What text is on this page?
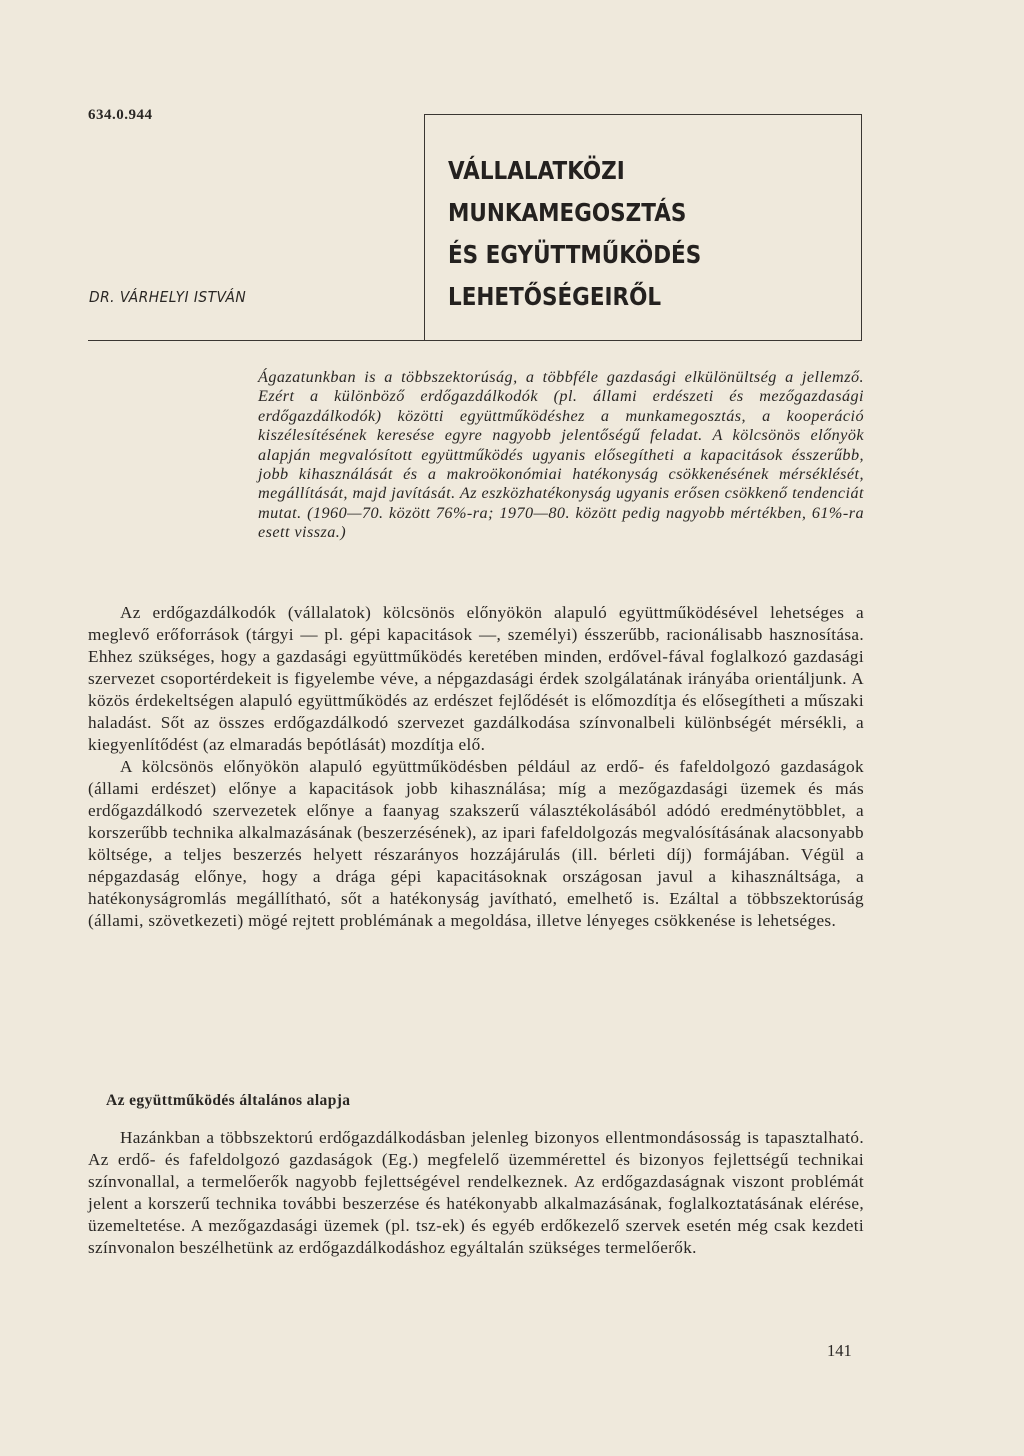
634.0.944
VÁLLALATKÖZI
MUNKAMEGOSZTÁS
ÉS EGYÜTTMŰKÖDÉS
LEHETŐSÉGEIRŐL
DR. VÁRHELYI ISTVÁN
Ágazatunkban is a többszektorúság, a többféle gazdasági elkülönültség a jellemző. Ezért a különböző erdőgazdálkodók (pl. állami erdészeti és mezőgazdasági erdőgazdálkodók) közötti együttműködéshez a munkamegosztás, a kooperáció kiszélesítésének keresése egyre nagyobb jelentőségű feladat. A kölcsönös előnyök alapján megvalósított együttműködés ugyanis elősegítheti a kapacitások ésszerűbb, jobb kihasználását és a makroökonómiai hatékonyság csökkenésének mérséklését, megállítását, majd javítását. Az eszközhatékonyság ugyanis erősen csökkenő tendenciát mutat. (1960—70. között 76%-ra; 1970—80. között pedig nagyobb mértékben, 61%-ra esett vissza.)

Az erdőgazdálkodók (vállalatok) kölcsönös előnyökön alapuló együttműködésével lehetséges a meglevő erőforrások (tárgyi — pl. gépi kapacitások —, személyi) ésszerűbb, racionálisabb hasznosítása. Ehhez szükséges, hogy a gazdasági együttműködés keretében minden, erdővel-fával foglalkozó gazdasági szervezet csoportérdekeit is figyelembe véve, a népgazdasági érdek szolgálatának irányába orientáljunk. A közös érdekeltségen alapuló együttműködés az erdészet fejlődését is előmozdítja és elősegítheti a műszaki haladást. Sőt az összes erdőgazdálkodó szervezet gazdálkodása színvonalbeli különbségét mérsékli, a kiegyenlítődést (az elmaradás bepótlását) mozdítja elő.

A kölcsönös előnyökön alapuló együttműködésben például az erdő- és fafeldolgozó gazdaságok (állami erdészet) előnye a kapacitások jobb kihasználása; míg a mezőgazdasági üzemek és más erdőgazdálkodó szervezetek előnye a faanyag szakszerű választékolásából adódó eredménytöbblet, a korszerűbb technika alkalmazásának (beszerzésének), az ipari fafeldolgozás megvalósításának alacsonyabb költsége, a teljes beszerzés helyett részarányos hozzájárulás (ill. bérleti díj) formájában. Végül a népgazdaság előnye, hogy a drága gépi kapacitásoknak országosan javul a kihasználtsága, a hatékonyságromlás megállítható, sőt a hatékonyság javítható, emelhető is. Ezáltal a többszektorúság (állami, szövetkezeti) mögé rejtett problémának a megoldása, illetve lényeges csökkenése is lehetséges.

Az együttműködés általános alapja

Hazánkban a többszektorú erdőgazdálkodásban jelenleg bizonyos ellentmondásosság is tapasztalható. Az erdő- és fafeldolgozó gazdaságok (Eg.) megfelelő üzemmérettel és bizonyos fejlettségű technikai színvonallal, a termelőerők nagyobb fejlettségével rendelkeznek. Az erdőgazdaságnak viszont problémát jelent a korszerű technika további beszerzése és hatékonyabb alkalmazásának, foglalkoztatásának elérése, üzemeltetése. A mezőgazdasági üzemek (pl. tsz-ek) és egyéb erdőkezelő szervek esetén még csak kezdeti színvonalon beszélhetünk az erdőgazdálkodáshoz egyáltalán szükséges termelőerők.

141
